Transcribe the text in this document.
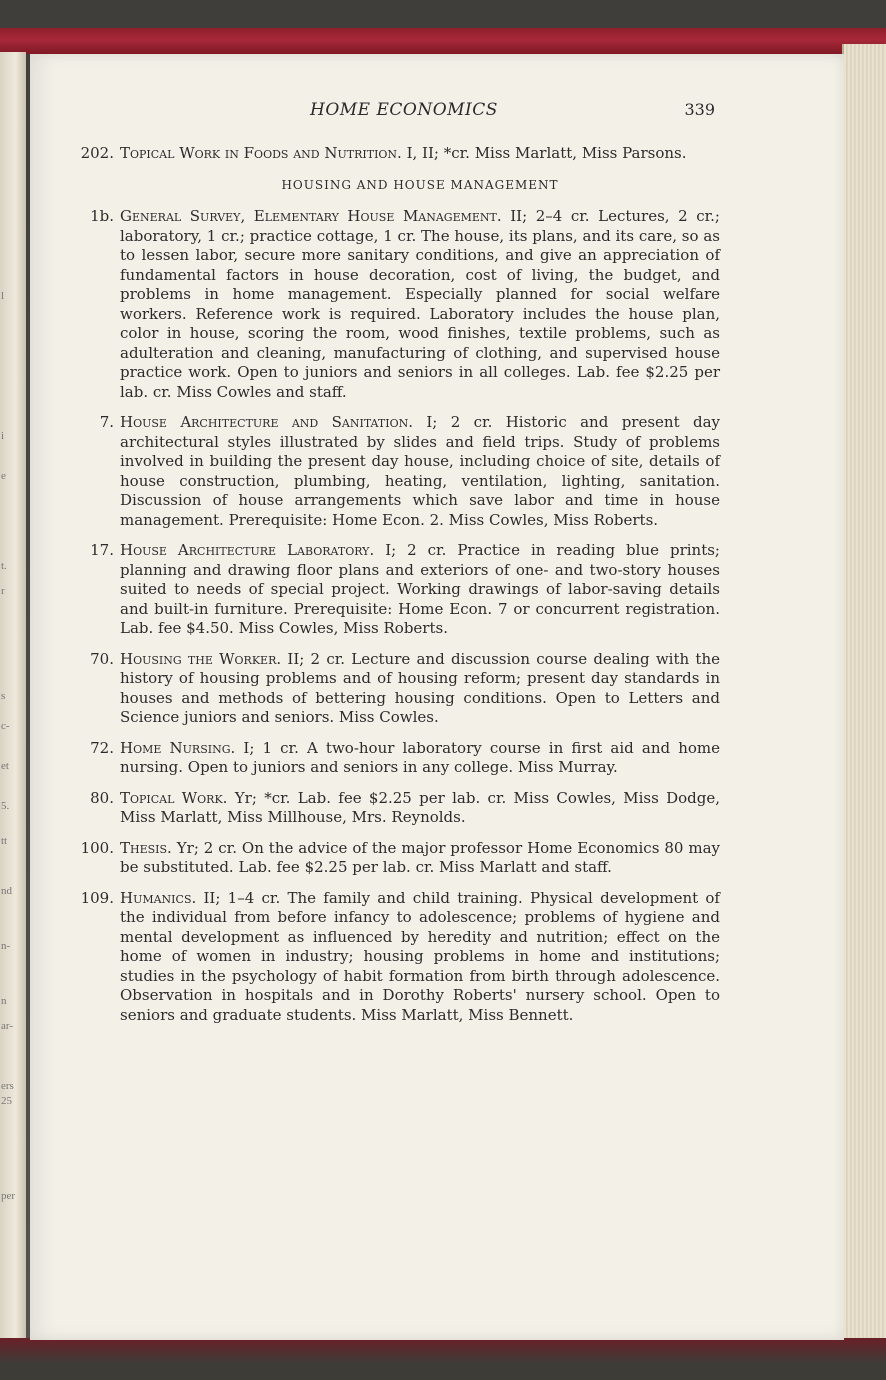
l
i
e
t.
r
s
c-
et
5.
tt
nd
n-
n
ar-
ers
25
per
HOME ECONOMICS	339
202. Topical Work in Foods and Nutrition. I, II; *cr. Miss Marlatt, Miss Parsons.
HOUSING AND HOUSE MANAGEMENT
1b. General Survey, Elementary House Management. II; 2–4 cr. Lectures, 2 cr.; laboratory, 1 cr.; practice cottage, 1 cr. The house, its plans, and its care, so as to lessen labor, secure more sanitary conditions, and give an appreciation of fundamental factors in house decoration, cost of living, the budget, and problems in home management. Especially planned for social welfare workers. Reference work is required. Laboratory includes the house plan, color in house, scoring the room, wood finishes, textile problems, such as adulteration and cleaning, manufacturing of clothing, and supervised house practice work. Open to juniors and seniors in all colleges. Lab. fee $2.25 per lab. cr. Miss Cowles and staff.
7. House Architecture and Sanitation. I; 2 cr. Historic and present day architectural styles illustrated by slides and field trips. Study of problems involved in building the present day house, including choice of site, details of house construction, plumbing, heating, ventilation, lighting, sanitation. Discussion of house arrangements which save labor and time in house management. Prerequisite: Home Econ. 2. Miss Cowles, Miss Roberts.
17. House Architecture Laboratory. I; 2 cr. Practice in reading blue prints; planning and drawing floor plans and exteriors of one- and two-story houses suited to needs of special project. Working drawings of labor-saving details and built-in furniture. Prerequisite: Home Econ. 7 or concurrent registration. Lab. fee $4.50. Miss Cowles, Miss Roberts.
70. Housing the Worker. II; 2 cr. Lecture and discussion course dealing with the history of housing problems and of housing reform; present day standards in houses and methods of bettering housing conditions. Open to Letters and Science juniors and seniors. Miss Cowles.
72. Home Nursing. I; 1 cr. A two-hour laboratory course in first aid and home nursing. Open to juniors and seniors in any college. Miss Murray.
80. Topical Work. Yr; *cr. Lab. fee $2.25 per lab. cr. Miss Cowles, Miss Dodge, Miss Marlatt, Miss Millhouse, Mrs. Reynolds.
100. Thesis. Yr; 2 cr. On the advice of the major professor Home Economics 80 may be substituted. Lab. fee $2.25 per lab. cr. Miss Marlatt and staff.
109. Humanics. II; 1–4 cr. The family and child training. Physical development of the individual from before infancy to adolescence; problems of hygiene and mental development as influenced by heredity and nutrition; effect on the home of women in industry; housing problems in home and institutions; studies in the psychology of habit formation from birth through adolescence. Observation in hospitals and in Dorothy Roberts' nursery school. Open to seniors and graduate students. Miss Marlatt, Miss Bennett.
